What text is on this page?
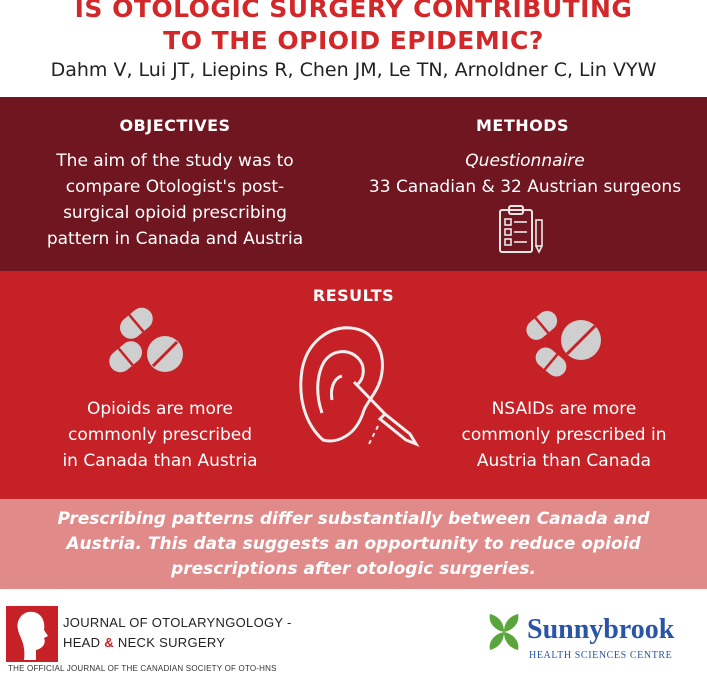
IS OTOLOGIC SURGERY CONTRIBUTING
TO THE OPIOID EPIDEMIC?
Dahm V, Lui JT, Liepins R, Chen JM, Le TN, Arnoldner C, Lin VYW
OBJECTIVES
The aim of the study was to
compare Otologist's post-
surgical opioid prescribing
pattern in Canada and Austria
METHODS
Questionnaire
33 Canadian & 32 Austrian surgeons
RESULTS
Opioids are more
commonly prescribed
in Canada than Austria
NSAIDs are more
commonly prescribed in
Austria than Canada
Prescribing patterns differ substantially between Canada and
Austria. This data suggests an opportunity to reduce opioid
prescriptions after otologic surgeries.
JOURNAL OF OTOLARYNGOLOGY -
HEAD & NECK SURGERY
THE OFFICIAL JOURNAL OF THE CANADIAN SOCIETY OF OTO-HNS
Sunnybrook
HEALTH SCIENCES CENTRE
